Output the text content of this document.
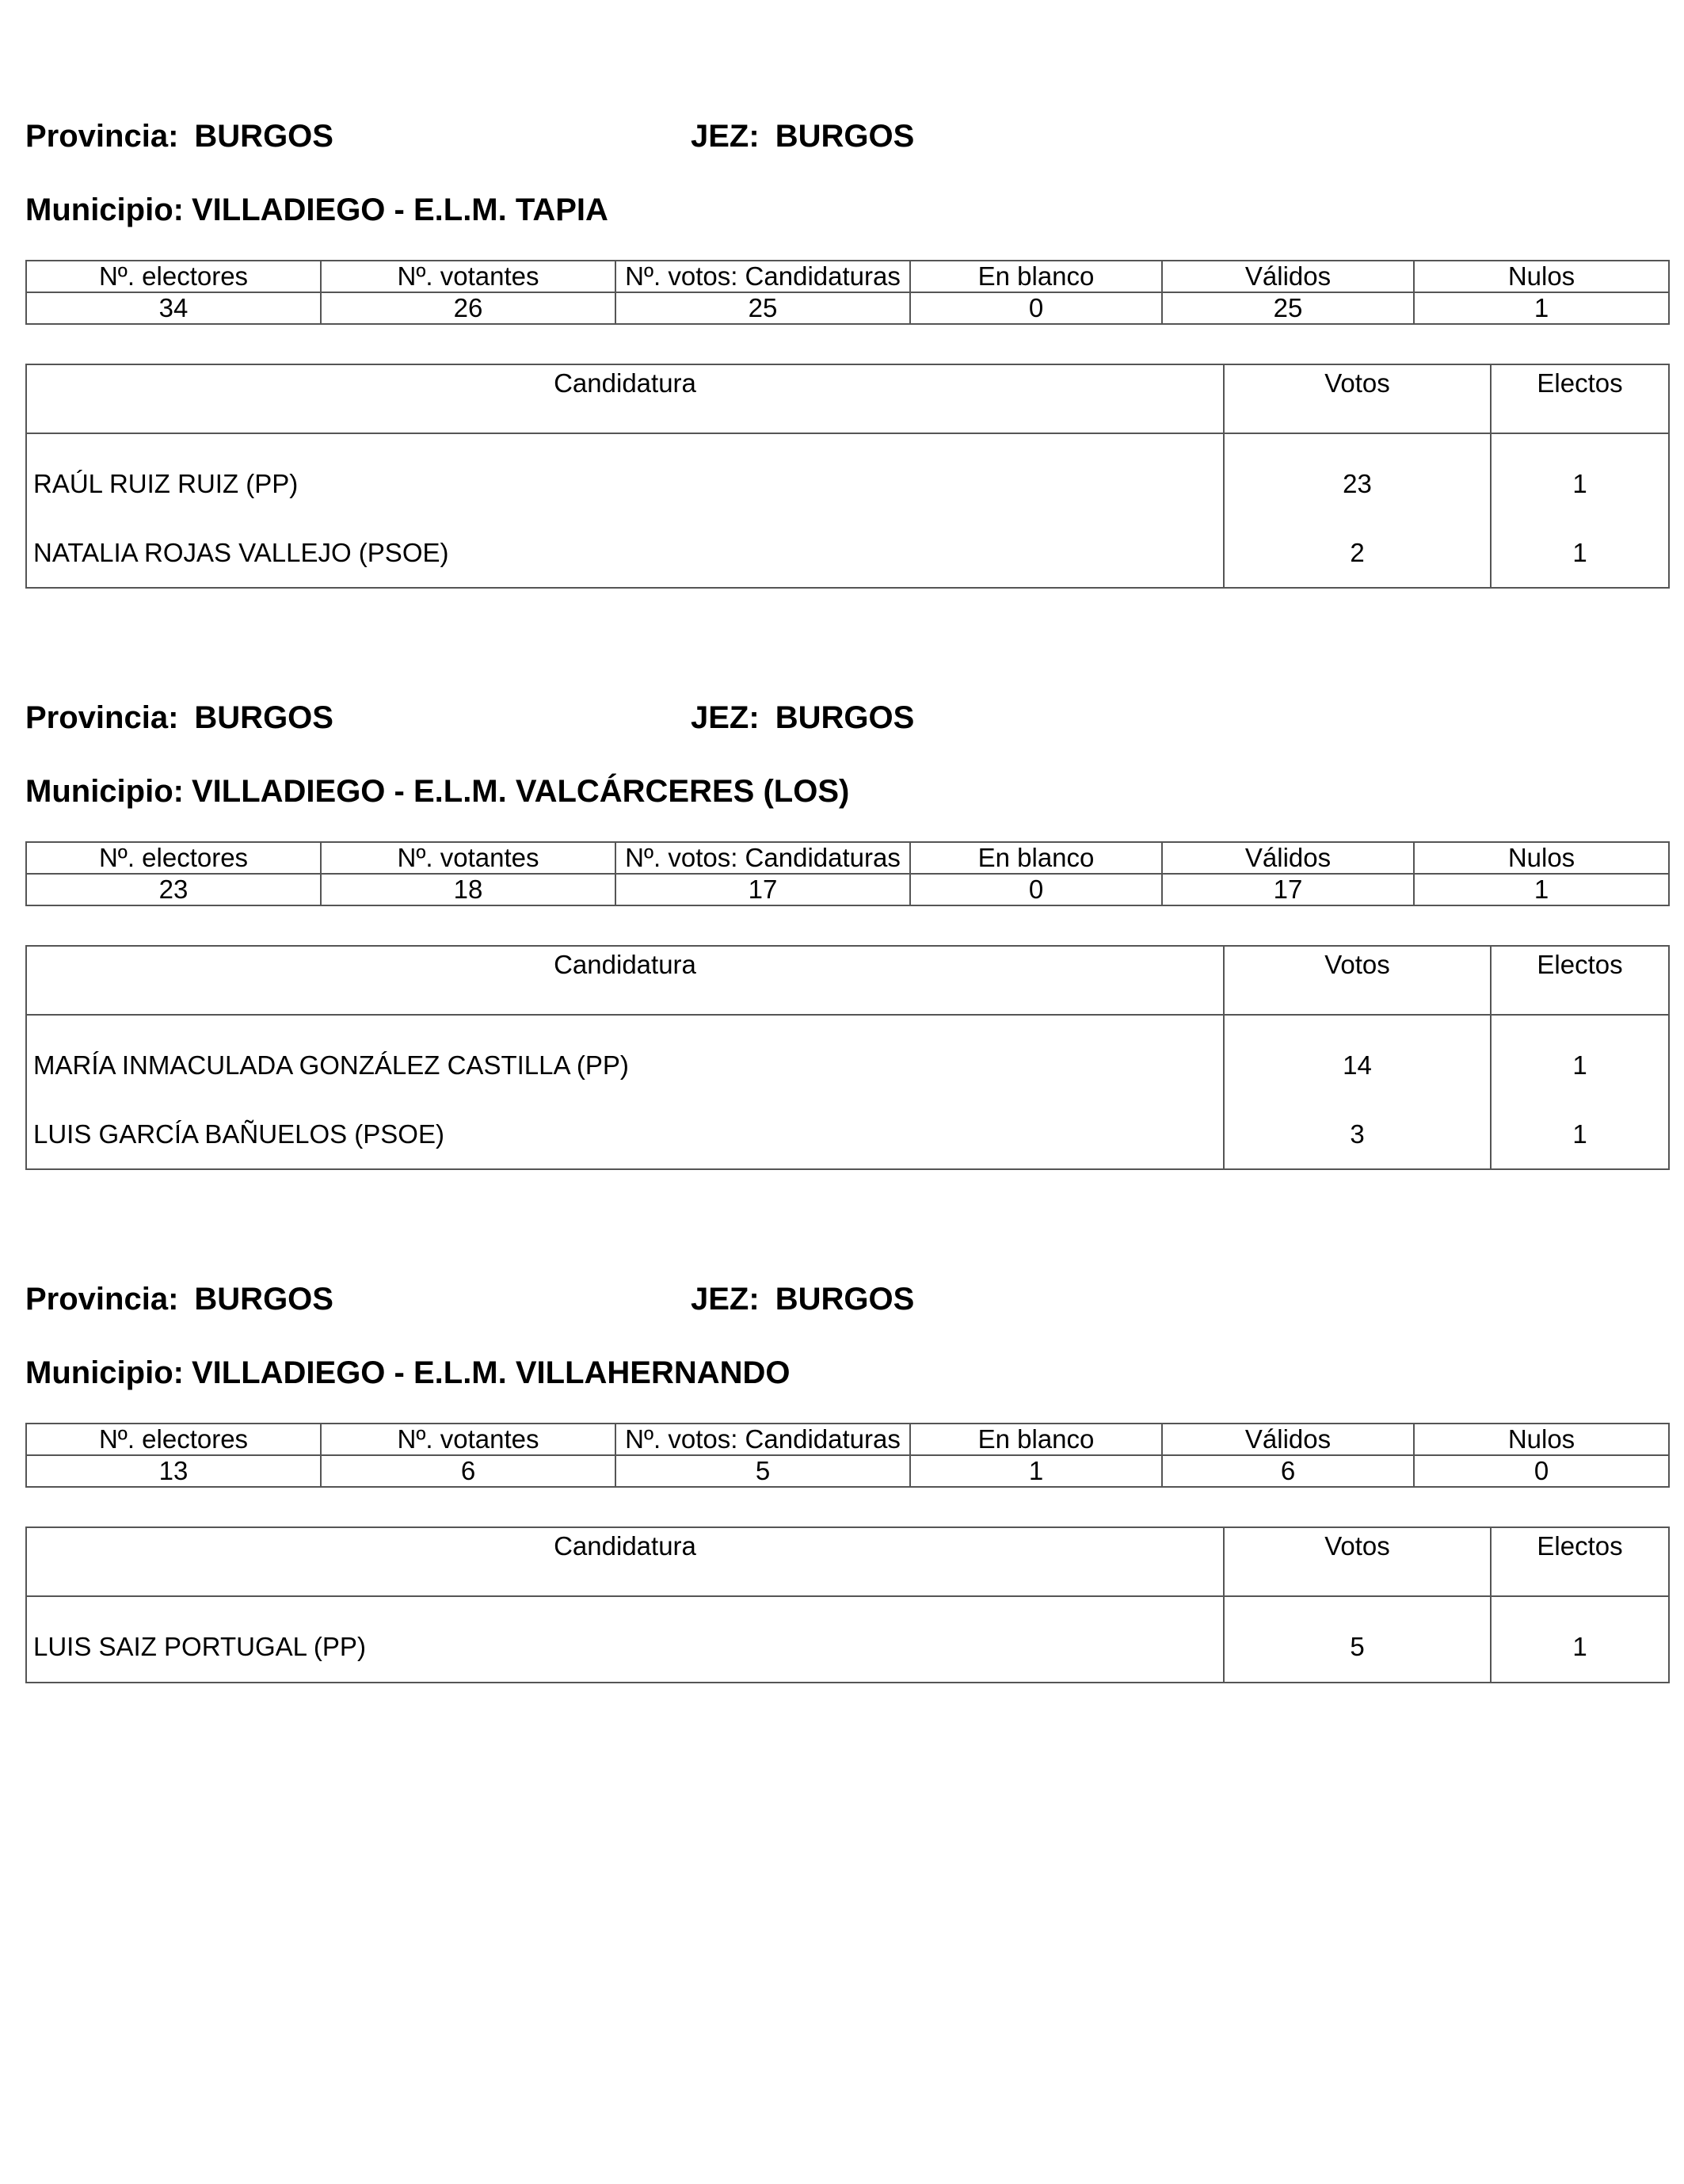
Provincia: BURGOS	JEZ: BURGOS
Municipio: VILLADIEGO - E.L.M. TAPIA
Nº. electores	Nº. votantes	Nº. votos: Candidaturas	En blanco	Válidos	Nulos
34	26	25	0	25	1
Candidatura	Votos	Electos
RAÚL RUIZ RUIZ (PP)	23	1
NATALIA ROJAS VALLEJO (PSOE)	2	1
Provincia: BURGOS	JEZ: BURGOS
Municipio: VILLADIEGO - E.L.M. VALCÁRCERES (LOS)
Nº. electores	Nº. votantes	Nº. votos: Candidaturas	En blanco	Válidos	Nulos
23	18	17	0	17	1
Candidatura	Votos	Electos
MARÍA INMACULADA GONZÁLEZ CASTILLA (PP)	14	1
LUIS GARCÍA BAÑUELOS (PSOE)	3	1
Provincia: BURGOS	JEZ: BURGOS
Municipio: VILLADIEGO - E.L.M. VILLAHERNANDO
Nº. electores	Nº. votantes	Nº. votos: Candidaturas	En blanco	Válidos	Nulos
13	6	5	1	6	0
Candidatura	Votos	Electos
LUIS SAIZ PORTUGAL (PP)	5	1
